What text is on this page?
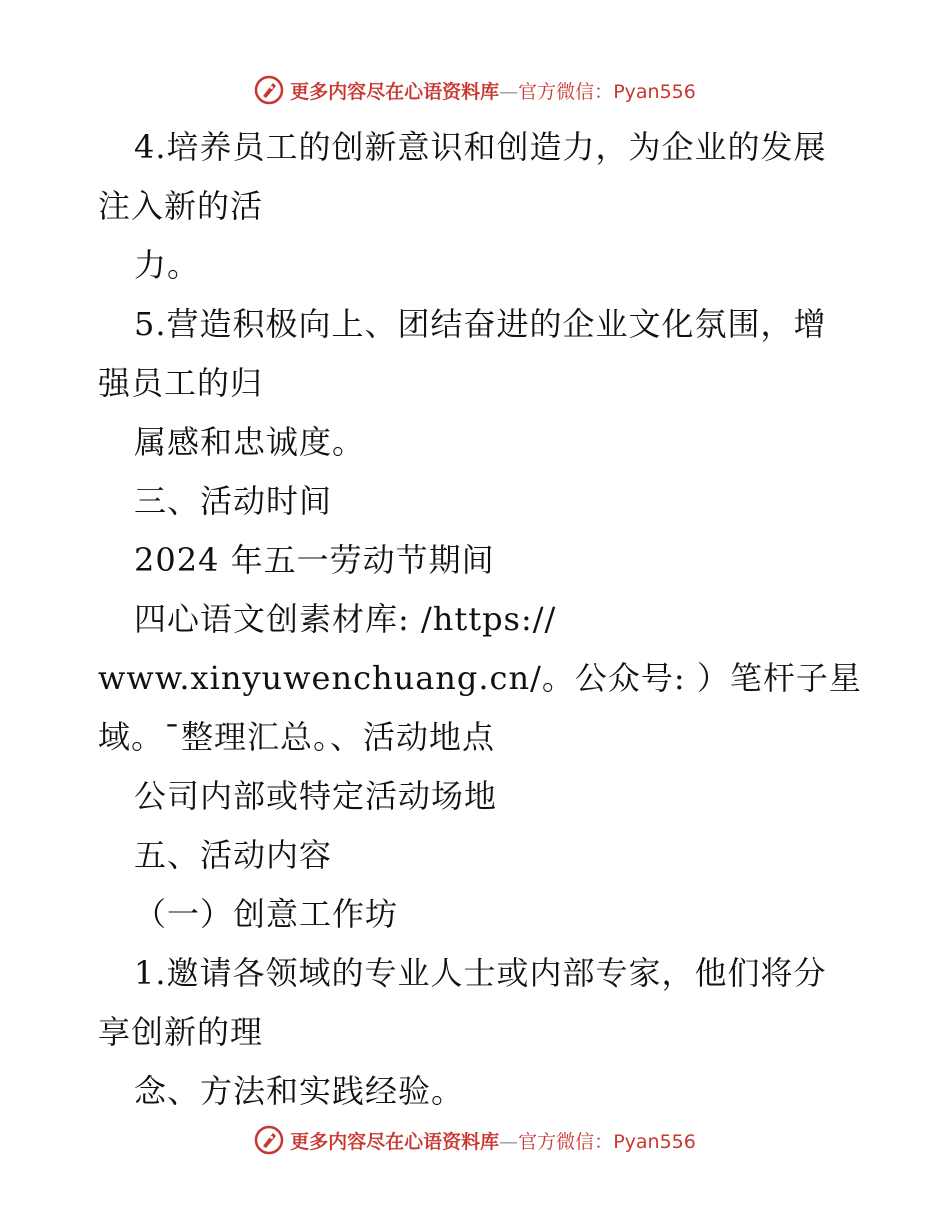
更多内容尽在心语资料库—官方微信：Pyan556
4.培养员工的创新意识和创造力，为企业的发展
注入新的活
力。
5.营造积极向上、团结奋进的企业文化氛围，增
强员工的归
属感和忠诚度。
三、活动时间
2024 年五一劳动节期间
四心语文创素材库: /https://
www.xinyuwenchuang.cn/。公众号: ）笔杆子星
域。¯整理汇总。、活动地点
公司内部或特定活动场地
五、活动内容
（一）创意工作坊
1.邀请各领域的专业人士或内部专家，他们将分
享创新的理
念、方法和实践经验。
更多内容尽在心语资料库—官方微信：Pyan556
